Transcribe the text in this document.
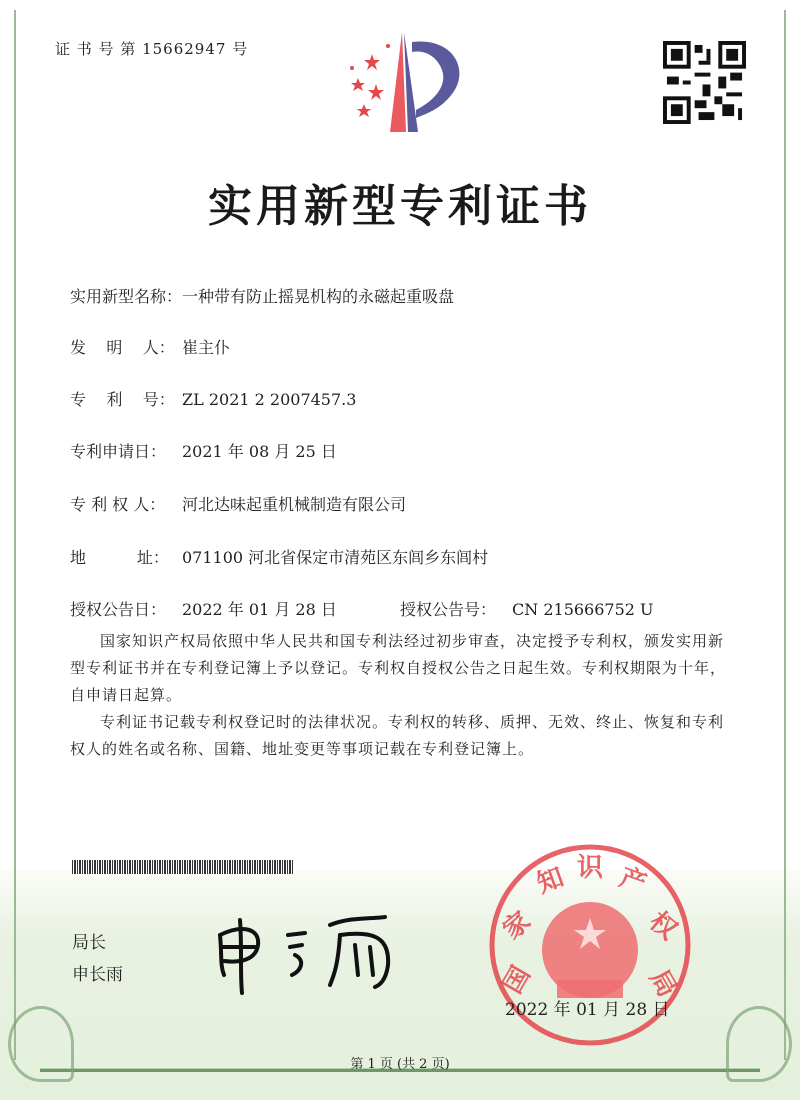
证 书 号 第 15662947 号
实用新型专利证书
实用新型名称：一种带有防止摇晃机构的永磁起重吸盘
发    明    人： 崔主仆
专    利    号： ZL 2021 2 2007457.3
专利申请日： 2021 年 08 月 25 日
专 利 权 人： 河北达味起重机械制造有限公司
地          址： 071100 河北省保定市清苑区东闾乡东闾村
授权公告日： 2022 年 01 月 28 日	授权公告号： CN 215666752 U
国家知识产权局依照中华人民共和国专利法经过初步审查，决定授予专利权，颁发实用新型专利证书并在专利登记簿上予以登记。专利权自授权公告之日起生效。专利权期限为十年，自申请日起算。
专利证书记载专利权登记时的法律状况。专利权的转移、质押、无效、终止、恢复和专利权人的姓名或名称、国籍、地址变更等事项记载在专利登记簿上。
局长
申长雨	国
家
知 识 产
权
局
2022 年 01 月 28 日
第 1 页 (共 2 页)
